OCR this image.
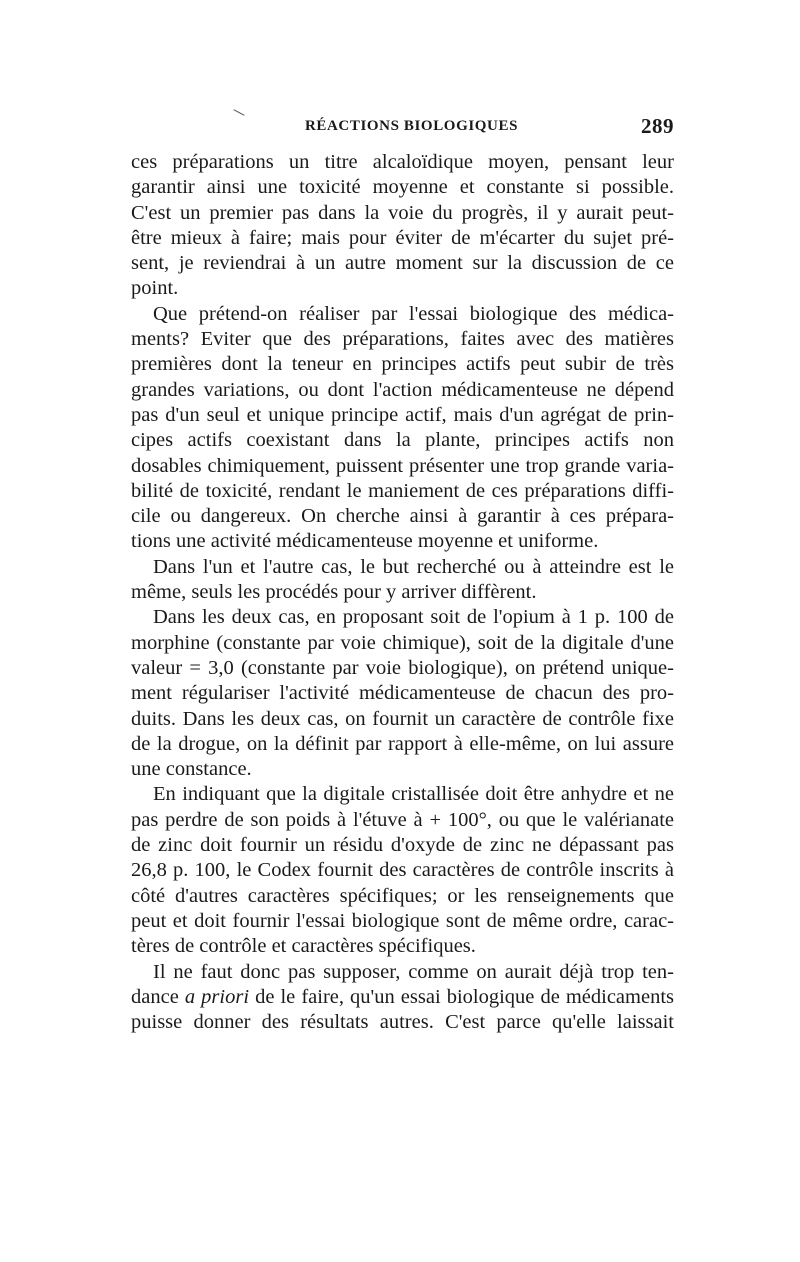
RÉACTIONS BIOLOGIQUES	289
ces préparations un titre alcaloïdique moyen, pensant leur
garantir ainsi une toxicité moyenne et constante si possible.
C'est un premier pas dans la voie du progrès, il y aurait peut-
être mieux à faire; mais pour éviter de m'écarter du sujet pré-
sent, je reviendrai à un autre moment sur la discussion de ce
point.
Que prétend-on réaliser par l'essai biologique des médica-
ments? Eviter que des préparations, faites avec des matières
premières dont la teneur en principes actifs peut subir de très
grandes variations, ou dont l'action médicamenteuse ne dépend
pas d'un seul et unique principe actif, mais d'un agrégat de prin-
cipes actifs coexistant dans la plante, principes actifs non
dosables chimiquement, puissent présenter une trop grande varia-
bilité de toxicité, rendant le maniement de ces préparations diffi-
cile ou dangereux. On cherche ainsi à garantir à ces prépara-
tions une activité médicamenteuse moyenne et uniforme.
Dans l'un et l'autre cas, le but recherché ou à atteindre est le
même, seuls les procédés pour y arriver diffèrent.
Dans les deux cas, en proposant soit de l'opium à 1 p. 100 de
morphine (constante par voie chimique), soit de la digitale d'une
valeur = 3,0 (constante par voie biologique), on prétend unique-
ment régulariser l'activité médicamenteuse de chacun des pro-
duits. Dans les deux cas, on fournit un caractère de contrôle fixe
de la drogue, on la définit par rapport à elle-même, on lui assure
une constance.
En indiquant que la digitale cristallisée doit être anhydre et ne
pas perdre de son poids à l'étuve à + 100°, ou que le valérianate
de zinc doit fournir un résidu d'oxyde de zinc ne dépassant pas
26,8 p. 100, le Codex fournit des caractères de contrôle inscrits à
côté d'autres caractères spécifiques; or les renseignements que
peut et doit fournir l'essai biologique sont de même ordre, carac-
tères de contrôle et caractères spécifiques.
Il ne faut donc pas supposer, comme on aurait déjà trop ten-
dance a priori de le faire, qu'un essai biologique de médicaments
puisse donner des résultats autres. C'est parce qu'elle laissait
